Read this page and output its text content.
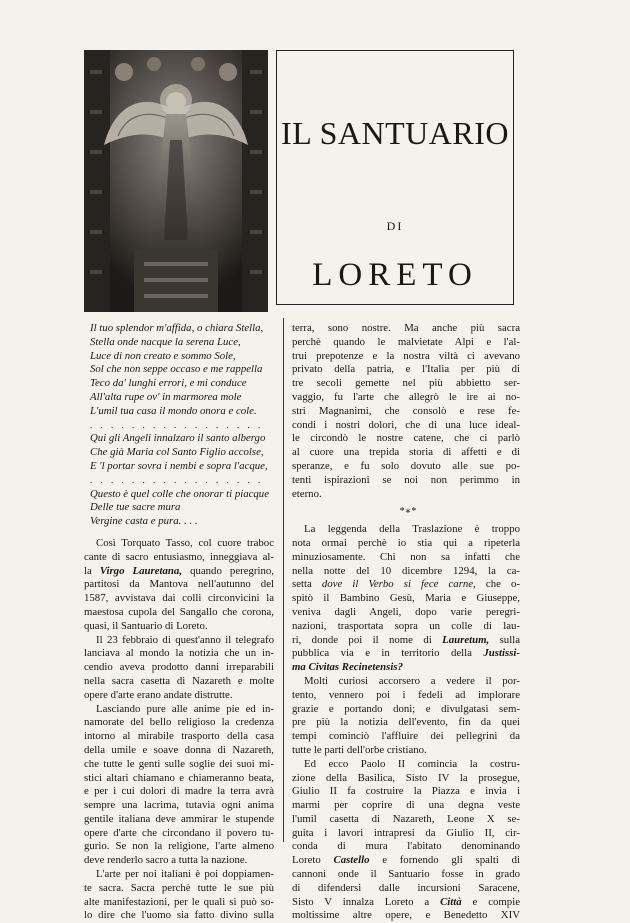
IL SANTUARIO
DI
LORETO
Il tuo splendor m'affida, o chiara Stella,
Stella onde nacque la serena Luce,
Luce di non creato e sommo Sole,
Sol che non seppe occaso e me rappella
Teco da' lunghi errori, e mi conduce
All'alta rupe ov' in marmorea mole
L'umil tua casa il mondo onora e cole.
. . . . . . . . . . . . . . . . .
Qui gli Angeli innalzaro il santo albergo
Che già Maria col Santo Figlio accolse,
E 'l portar sovra i nembi e sopra l'acque,
. . . . . . . . . . . . . . . . .
Questo è quel colle che onorar ti piacque
Delle tue sacre mura
Vergine casta e pura. . . .
Così Torquato Tasso, col cuore traboc
cante di sacro entusiasmo, inneggiava al-
la Virgo Lauretana, quando peregrino,
partitosi da Mantova nell'autunno del
1587, avvistava dai colli circonvicini la
maestosa cupola del Sangallo che corona,
quasi, il Santuario di Loreto.
Il 23 febbraio di quest'anno il telegrafo
lanciava al mondo la notizia che un in-
cendio aveva prodotto danni irreparabili
nella sacra casetta di Nazareth e molte
opere d'arte erano andate distrutte.
Lasciando pure alle anime pie ed in-
namorate del bello religioso la credenza
intorno al mirabile trasporto della casa
della umile e soave donna di Nazareth,
che tutte le genti sulle soglie dei suoi mi-
stici altari chiamano e chiameranno beata,
e per i cui dolori di madre la terra avrà
sempre una lacrima, tutavia ogni anima
gentile italiana deve ammirar le stupende
opere d'arte che circondano il povero tu-
gurio. Se non la religione, l'arte almeno
deve renderlo sacro a tutta la nazione.
L'arte per noi italiani è poi doppiamen-
te sacra. Sacra perchè tutte le sue più
alte manifestazioni, per le quali si può so-
lo dire che l'uomo sia fatto divino sulla
terra, sono nostre. Ma anche più sacra
perchè quando le malvietate Alpi e l'al-
trui prepotenze e la nostra viltà ci avevano
privato della patria, e l'Italia per più di
tre secoli gemette nel più abbietto ser-
vaggio, fu l'arte che allegrò le ire ai no-
stri Magnanimi, che consolò e rese fe-
condi i nostri dolori, che di una luce ideal-
le circondò le nostre catene, che ci parlò
al cuore una trepida storia di affetti e di
speranze, e fu solo dovuto alle sue po-
tenti ispirazioni se noi non perimmo in
eterno.
*∗*
La leggenda della Traslazione è troppo
nota ormai perchè io stia qui a ripeterla
minuziosamente. Chi non sa infatti che
nella notte del 10 dicembre 1294, la ca-
setta dove il Verbo si fece carne, che o-
spitò il Bambino Gesù, Maria e Giuseppe,
veniva dagli Angeli, dopo varie peregri-
nazioni, trasportata sopra un colle di lau-
ri, donde poi il nome di Lauretum, sulla
pubblica via e in territorio della Justissi-
ma Civitas Recinetensis?
Molti curiosi accorsero a vedere il por-
tento, vennero poi i fedeli ad implorare
grazie e portando doni; e divulgatasi sem-
pre più la notizia dell'evento, fin da quei
tempi cominciò l'affluire dei pellegrini da
tutte le parti dell'orbe cristiano.
Ed ecco Paolo II comincia la costru-
zione della Basilica, Sisto IV la prosegue,
Giulio II fa costruire la Piazza e invia i
marmi per coprire di una degna veste
l'umil casetta di Nazareth, Leone X se-
guita i lavori intrapresi da Giulio II, cir-
conda di mura l'abitato denominando
Loreto Castello e fornendo gli spalti di
cannoni onde il Santuario fosse in grado
di difendersi dalle incursioni Saracene,
Sisto V innalza Loreto a Città e compie
moltissime altre opere, e Benedetto XIV
